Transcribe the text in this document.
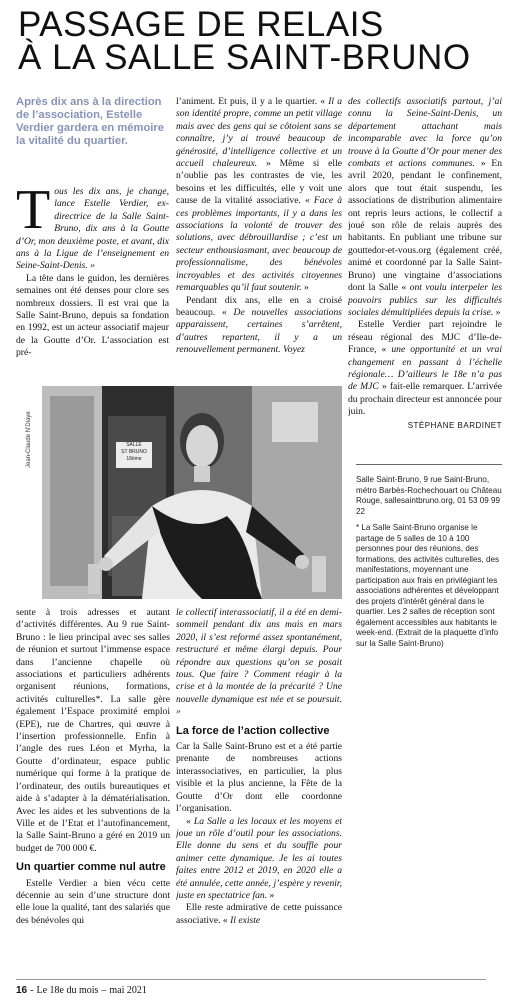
PASSAGE DE RELAIS
À LA SALLE SAINT-BRUNO
Après dix ans à la direction de l’association, Estelle Verdier gardera en mémoire la vitalité du quartier.

T ous les dix ans, je change, lance Estelle Verdier, ex-directrice de la Salle Saint-Bruno, dix ans à la Goutte d’Or, mon deuxième poste, et avant, dix ans à la Ligue de l’enseignement en Seine-Saint-Denis. »

La tête dans le guidon, les dernières semaines ont été denses pour clore ses nombreux dossiers. Il est vrai que la Salle Saint-Bruno, depuis sa fondation en 1992, est un acteur associatif majeur de la Goutte d’Or. L’association est pré-

l’animent. Et puis, il y a le quartier. « Il a son identité propre, comme un petit village mais avec des gens qui se côtoient sans se connaître, j’y ai trouvé beaucoup de générosité, d’intelligence collective et un accueil chaleureux. » Même si elle n’oublie pas les contrastes de vie, les besoins et les difficultés, elle y voit une cause de la vitalité associative. « Face à ces problèmes importants, il y a dans les associations la volonté de trouver des solutions, avec débrouillardise ; c’est un secteur enthousiasmant, avec beaucoup de professionnalisme, des bénévoles incroyables et des activités citoyennes remarquables qu’il faut soutenir. »

Pendant dix ans, elle en a croisé beaucoup. « De nouvelles associations apparaissent, certaines s’arrêtent, d’autres repartent, il y a un renouvellement permanent. Voyez

des collectifs associatifs partout, j’ai connu la Seine-Saint-Denis, un département attachant mais incomparable avec la force qu’on trouve à la Goutte d’Or pour mener des combats et actions communes. » En avril 2020, pendant le confinement, alors que tout était suspendu, les associations de distribution alimentaire ont repris leurs actions, le collectif a joué son rôle de relais auprès des habitants. En publiant une tribune sur gouttedor-et-vous.org (également créé, animé et coordonné par la Salle Saint-Bruno) une vingtaine d’associations dont la Salle « ont voulu interpeler les pouvoirs publics sur les difficultés sociales démultipliées depuis la crise. »

Estelle Verdier part rejoindre le réseau régional des MJC d’Ile-de-France, « une opportunité et un vrai changement en passant à l’échelle régionale… D’ailleurs le 18e n’a pas de MJC » fait-elle remarquer. L’arrivée du prochain directeur est annoncée pour juin.

STÉPHANE BARDINET
SALLE
ST BRUNO
18ème
Jean-Claude N’Diaye

Salle Saint-Bruno, 9 rue Saint-Bruno, métro Barbès-Rochechouart ou Château Rouge, sallesaintbruno.org, 01 53 09 99 22

* La Salle Saint-Bruno organise le partage de 5 salles de 10 à 100 personnes pour des réunions, des formations, des activités culturelles, des manifestations, moyennant une participation aux frais en privilégiant les associations adhérentes et développant des projets d’intérêt général dans le quartier. Les 2 salles de réception sont également accessibles aux habitants le week-end. (Extrait de la plaquette d’info sur la Salle Saint-Bruno)

sente à trois adresses et autant d’activités différentes. Au 9 rue Saint-Bruno : le lieu principal avec ses salles de réunion et surtout l’immense espace dans l’ancienne chapelle où associations et particuliers adhérents organisent réunions, formations, activités culturelles*. La salle gère également l’Espace proximité emploi (EPE), rue de Chartres, qui œuvre à l’insertion professionnelle. Enfin à l’angle des rues Léon et Myrha, la Goutte d’ordinateur, espace public numérique qui forme à la pratique de l’ordinateur, des outils bureautiques et aide à s’adapter à la dématérialisation. Avec les aides et les subventions de la Ville et de l’Etat et l’autofinancement, la Salle Saint-Bruno a géré en 2019 un budget de 700 000 €.

Un quartier comme nul autre

Estelle Verdier a bien vécu cette décennie au sein d’une structure dont elle loue la qualité, tant des salariés que des bénévoles qui

le collectif interassociatif, il a été en demi-sommeil pendant dix ans mais en mars 2020, il s’est reformé assez spontanément, restructuré et même élargi depuis. Pour répondre aux questions qu’on se posait tous. Que faire ? Comment réagir à la crise et à la montée de la précarité ? Une nouvelle dynamique est née et se poursuit. »

La force de l’action collective

Car la Salle Saint-Bruno est et a été partie prenante de nombreuses actions interassociatives, en particulier, la plus visible et la plus ancienne, la Fête de la Goutte d’Or dont elle coordonne l’organisation.

« La Salle a les locaux et les moyens et joue un rôle d’outil pour les associations. Elle donne du sens et du souffle pour animer cette dynamique. Je les ai toutes faites entre 2012 et 2019, en 2020 elle a été annulée, cette année, j’espère y revenir, juste en spectatrice fan. »

Elle reste admirative de cette puissance associative. « Il existe

16 - Le 18e du mois – mai 2021
